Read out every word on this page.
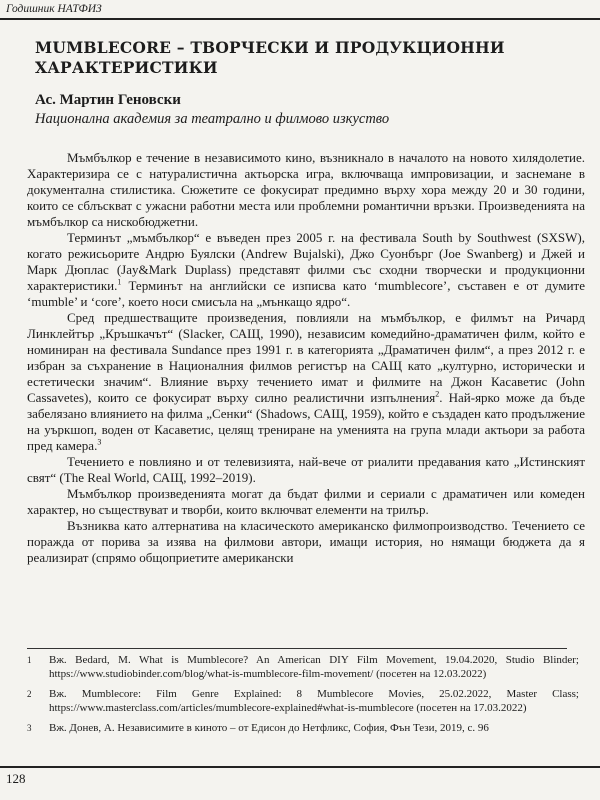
Годишник НАТФИЗ
MUMBLECORE – ТВОРЧЕСКИ И ПРОДУКЦИОННИ ХАРАКТЕРИСТИКИ
Ас. Мартин Геновски
Национална академия за театрално и филмово изкуство

Мъмбълкор е течение в независимото кино, възникнало в началото на новото хилядолетие. Характеризира се с натуралистична актьорска игра, включваща импровизации, и заснемане в документална стилистика. Сюжетите се фокусират предимно върху хора между 20 и 30 години, които се сблъскват с ужасни работни места или проблемни романтични връзки. Произведенията на мъмбълкор са нискобюджетни.

Терминът „мъмбълкор“ е въведен през 2005 г. на фестивала South by Southwest (SXSW), когато режисьорите Андрю Буялски (Andrew Bujalski), Джо Суонбърг (Joe Swanberg) и Джей и Марк Дюплас (Jay&Mark Duplass) представят филми със сходни творчески и продукционни характеристики.$^1$ Терминът на английски се изписва като ‘mumblecore’, съставен е от думите ‘mumble’ и ‘core’, което носи смисъла на „мънкащо ядро“.

Сред предшестващите произведения, повлияли на мъмбълкор, е филмът на Ричард Линклейтър „Кръшкачът“ (Slacker, САЩ, 1990), независим комедийно-драматичен филм, който е номиниран на фестивала Sundance през 1991 г. в категорията „Драматичен филм“, а през 2012 г. е избран за съхранение в Националния филмов регистър на САЩ като „културно, исторически и естетически значим“. Влияние върху течението имат и филмите на Джон Касаветис (John Cassavetes), които се фокусират върху силно реалистични изпълнения$^2$. Най-ярко може да бъде забелязано влиянието на филма „Сенки“ (Shadows, САЩ, 1959), който е създаден като продължение на уъркшоп, воден от Касаветис, целящ трениране на уменията на група млади актьори за работа пред камера.$^3$

Течението е повлияно и от телевизията, най-вече от риалити предавания като „Истинският свят“ (The Real World, САЩ, 1992–2019).

Мъмбълкор произведенията могат да бъдат филми и сериали с драматичен или комеден характер, но съществуват и творби, които включват елементи на трилър.

Възниква като алтернатива на класическото американско филмопроизводство. Течението се поражда от порива за изява на филмови автори, имащи история, но нямащи бюджета да я реализират (спрямо общоприетите американски

1 Вж. Bedard, M. What is Mumblecore? An American DIY Film Movement, 19.04.2020, Studio Blinder; https://www.studiobinder.com/blog/what-is-mumblecore-film-movement/ (посетен на 12.03.2022)
2 Вж. Mumblecore: Film Genre Explained: 8 Mumblecore Movies, 25.02.2022, Master Class; https://www.masterclass.com/articles/mumblecore-explained#what-is-mumblecore (посетен на 17.03.2022)
3 Вж. Донев, А. Независимите в киното – от Едисон до Нетфликс, София, Фън Тези, 2019, с. 96
128
